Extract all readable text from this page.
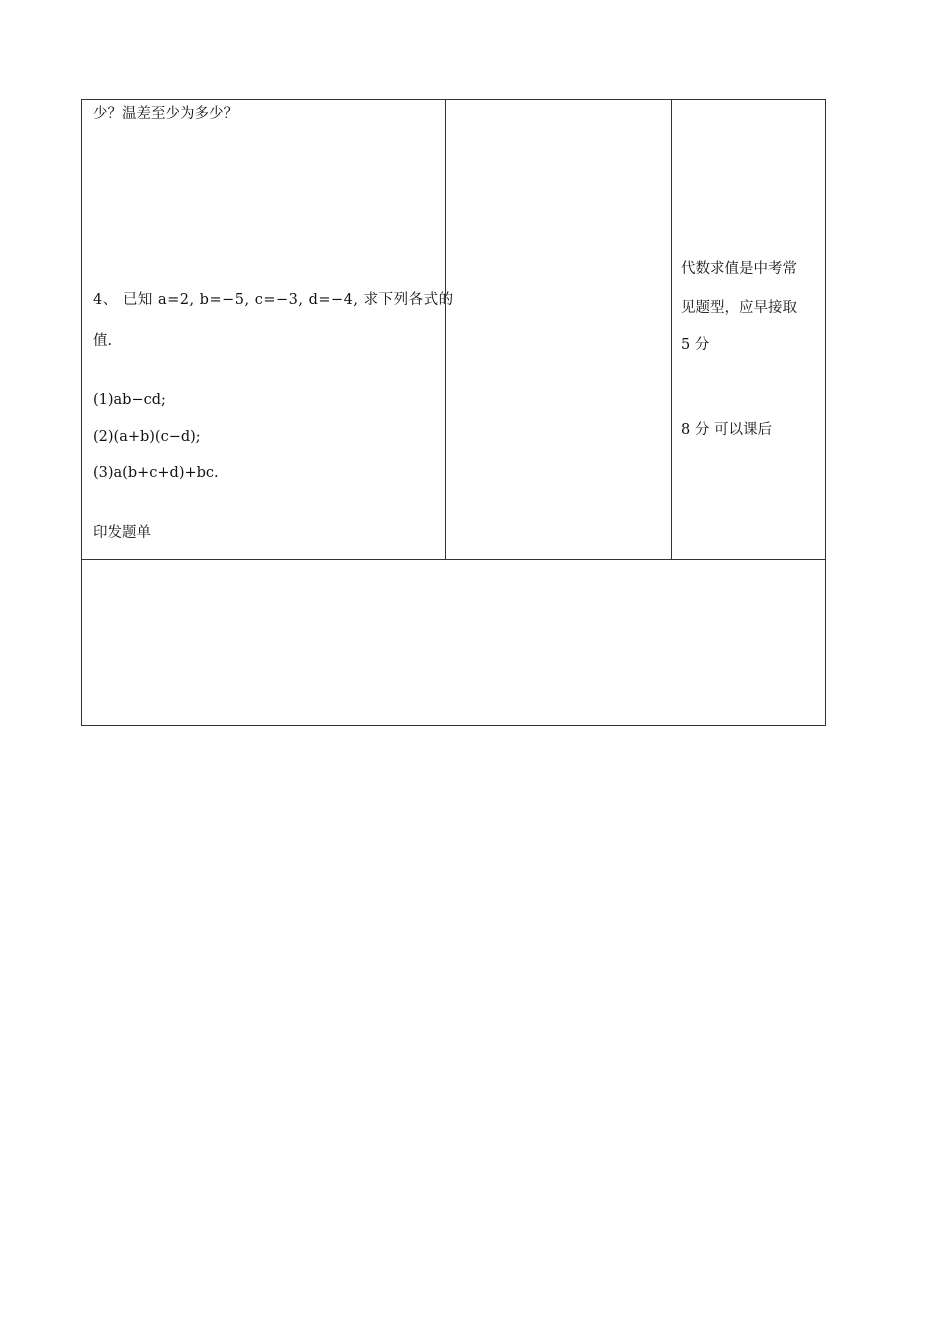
少？温差至少为多少？
4、 已知 a=2, b=−5, c=−3, d=−4, 求下列各式的
值.
(1)ab−cd;
(2)(a+b)(c−d);
(3)a(b+c+d)+bc.
印发题单
代数求值是中考常
见题型，应早接取
5 分
8 分 可以课后
